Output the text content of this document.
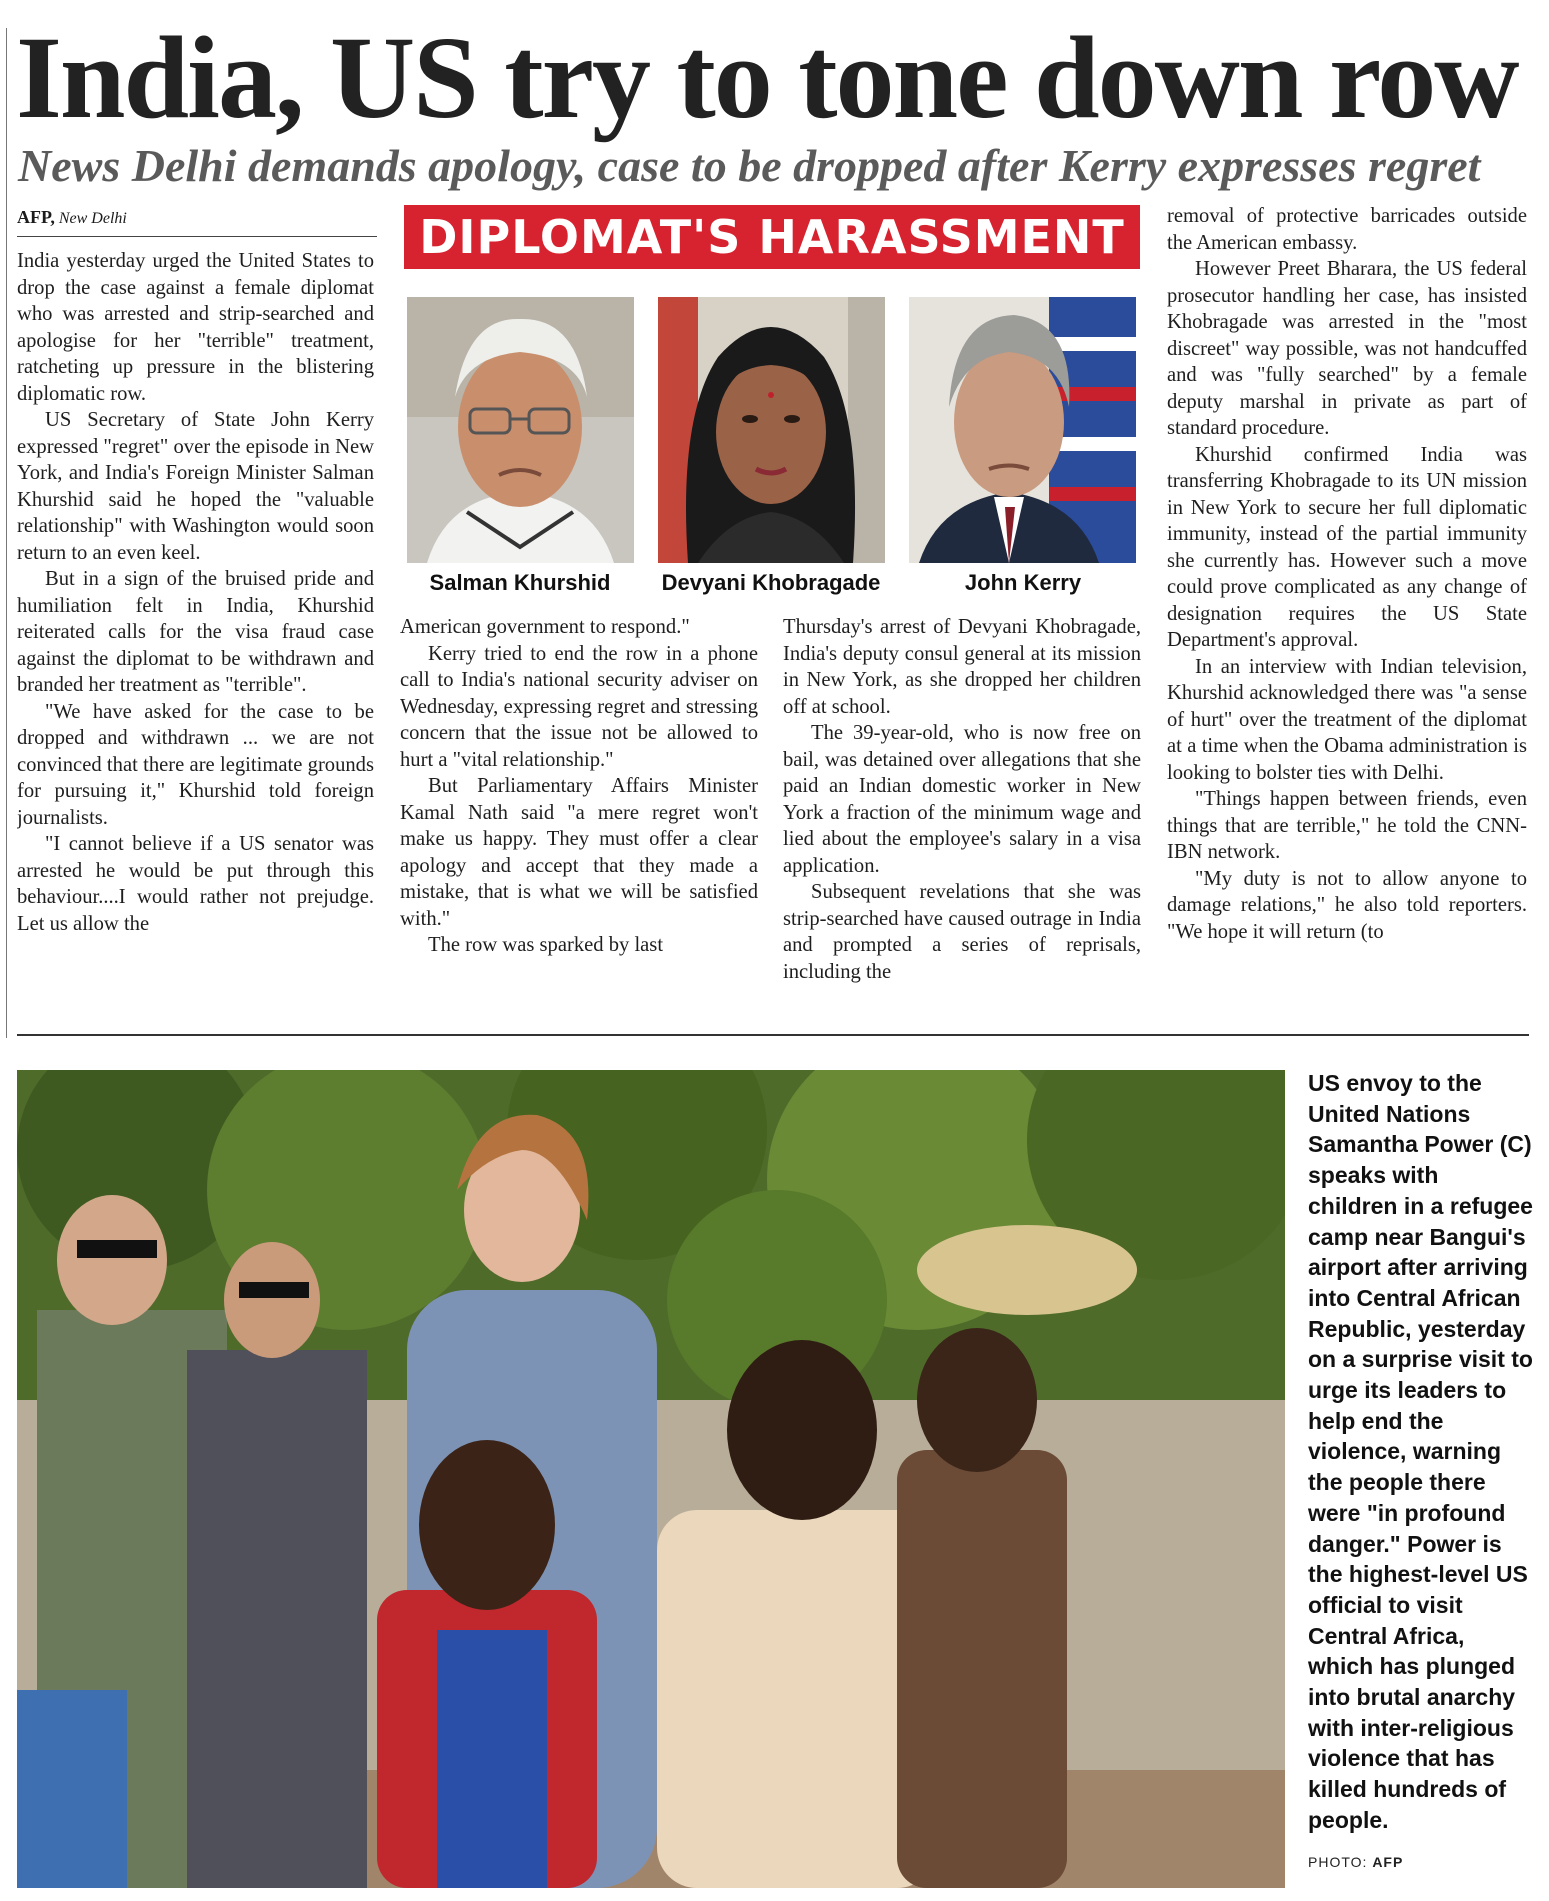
India, US try to tone down row
News Delhi demands apology, case to be dropped after Kerry expresses regret
AFP, New Delhi

India yesterday urged the United States to drop the case against a female diplomat who was arrested and strip-searched and apologise for her "terrible" treatment, ratcheting up pressure in the blistering diplomatic row.

US Secretary of State John Kerry expressed "regret" over the episode in New York, and India's Foreign Minister Salman Khurshid said he hoped the "valuable relationship" with Washington would soon return to an even keel.

But in a sign of the bruised pride and humiliation felt in India, Khurshid reiterated calls for the visa fraud case against the diplomat to be withdrawn and branded her treatment as "terrible".

"We have asked for the case to be dropped and withdrawn ... we are not convinced that there are legitimate grounds for pursuing it," Khurshid told foreign journalists.

"I cannot believe if a US senator was arrested he would be put through this behaviour....I would rather not prejudge. Let us allow the

DIPLOMAT'S HARASSMENT
Salman Khurshid	Devyani Khobragade	John Kerry

American government to respond."

Kerry tried to end the row in a phone call to India's national security adviser on Wednesday, expressing regret and stressing concern that the issue not be allowed to hurt a "vital relationship."

But Parliamentary Affairs Minister Kamal Nath said "a mere regret won't make us happy. They must offer a clear apology and accept that they made a mistake, that is what we will be satisfied with."

The row was sparked by last

Thursday's arrest of Devyani Khobragade, India's deputy consul general at its mission in New York, as she dropped her children off at school.

The 39-year-old, who is now free on bail, was detained over allegations that she paid an Indian domestic worker in New York a fraction of the minimum wage and lied about the employee's salary in a visa application.

Subsequent revelations that she was strip-searched have caused outrage in India and prompted a series of reprisals, including the

removal of protective barricades outside the American embassy.

However Preet Bharara, the US federal prosecutor handling her case, has insisted Khobragade was arrested in the "most discreet" way possible, was not handcuffed and was "fully searched" by a female deputy marshal in private as part of standard procedure.

Khurshid confirmed India was transferring Khobragade to its UN mission in New York to secure her full diplomatic immunity, instead of the partial immunity she currently has. However such a move could prove complicated as any change of designation requires the US State Department's approval.

In an interview with Indian television, Khurshid acknowledged there was "a sense of hurt" over the treatment of the diplomat at a time when the Obama administration is looking to bolster ties with Delhi.

"Things happen between friends, even things that are terrible," he told the CNN-IBN network.

"My duty is not to allow anyone to damage relations," he also told reporters. "We hope it will return (to

US envoy to the United Nations Samantha Power (C) speaks with children in a refugee camp near Bangui's airport after arriving into Central African Republic, yesterday on a surprise visit to urge its leaders to help end the violence, warning the people there were "in profound danger." Power is the highest-level US official to visit Central Africa, which has plunged into brutal anarchy with inter-religious violence that has killed hundreds of people.
PHOTO: AFP
